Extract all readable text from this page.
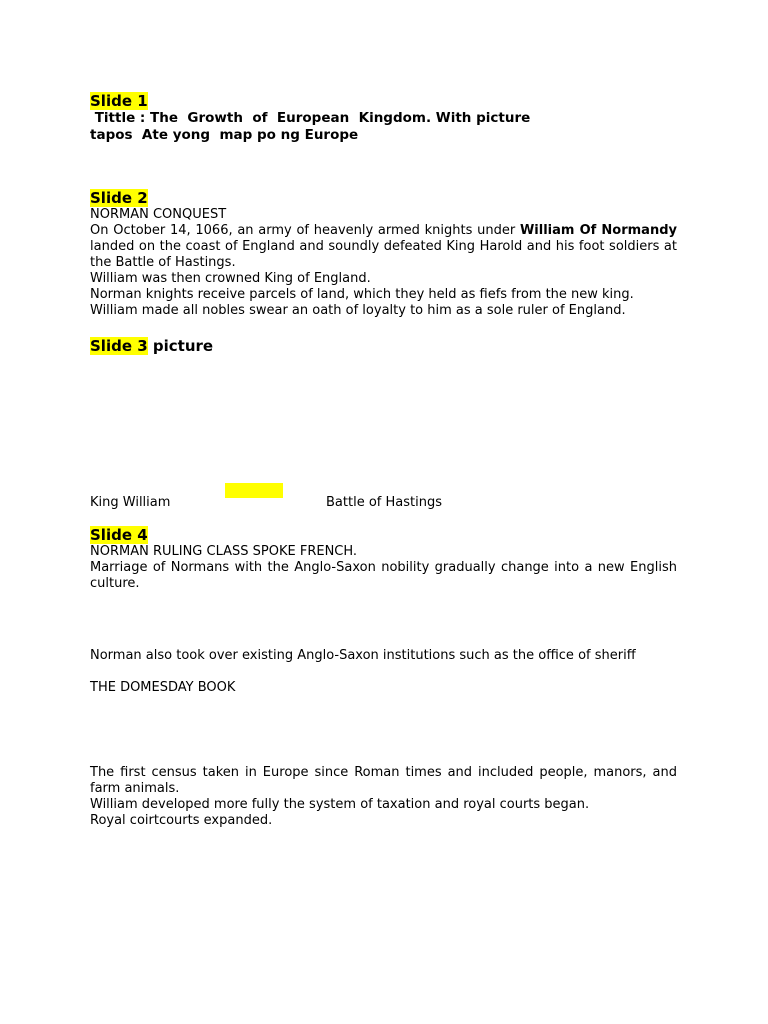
Slide 1
Tittle : The  Growth  of  European  Kingdom. With picture
tapos  Ate yong  map po ng Europe
Slide 2
NORMAN CONQUEST
On October 14, 1066, an army of heavenly armed knights under William Of Normandy landed on the coast of England and soundly defeated King Harold and his foot soldiers at the Battle of Hastings.
William was then crowned King of England.
Norman knights receive parcels of land, which they held as fiefs from the new king.
William made all nobles swear an oath of loyalty to him as a sole ruler of England.
Slide 3 picture
King William	Battle of Hastings
Slide 4
NORMAN RULING CLASS SPOKE FRENCH.
Marriage of Normans with the Anglo-Saxon nobility gradually change into a new English culture.
Norman also took over existing Anglo-Saxon institutions such as the office of sheriff
THE DOMESDAY BOOK
The first census taken in Europe since Roman times and included people, manors, and farm animals.
William developed more fully the system of taxation and royal courts began.
Royal coirtcourts expanded.
